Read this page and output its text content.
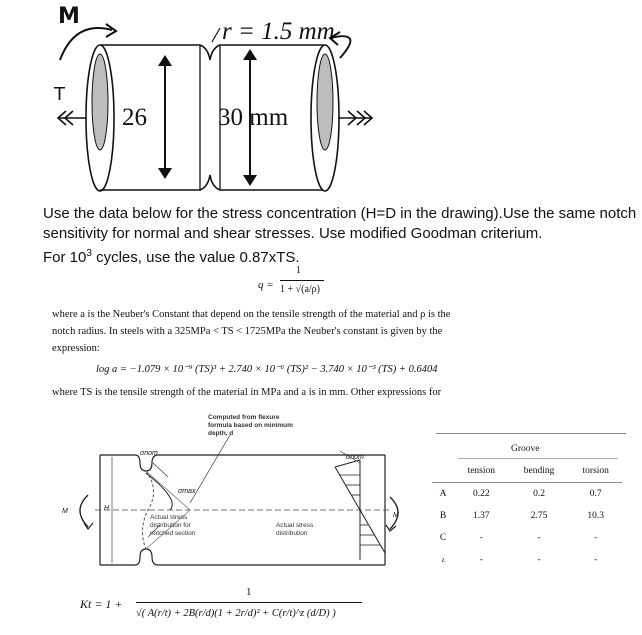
M
T
r = 1.5 mm
26	30 mm
Use the data below for the stress concentration (H=D in the drawing).Use the same notch
sensitivity for normal and shear stresses. Use modified Goodman criterium.
For $10^3$ cycles, use the value 0.87xTS.
q =
1
1 + √(a/ρ)
where a is the Neuber's Constant that depend on the tensile strength of the material and ρ is the
notch radius. In steels with a 325MPa < TS < 1725MPa the Neuber's constant is given by the
expression:
log a = −1.079 × 10⁻⁹ (TS)³ + 2.740 × 10⁻⁶ (TS)² − 3.740 × 10⁻³ (TS) + 0.6404
where TS is the tensile strength of the material in MPa and a is in mm. Other expressions for
Computed from flexure
formula based on minimum
depth, d
σnom
σnom
σmax
H
M
M
Actual stress
distribution for
notched section
Actual stress
distribution
Groove
	tension	bending	torsion
A	0.22	0.2	0.7
B	1.37	2.75	10.3
C	-	-	-
z	-	-	-
Kt = 1 +
1
√( A(r/t) + 2B(r/d)(1 + 2r/d)² + C(r/t)^z (d/D) )
